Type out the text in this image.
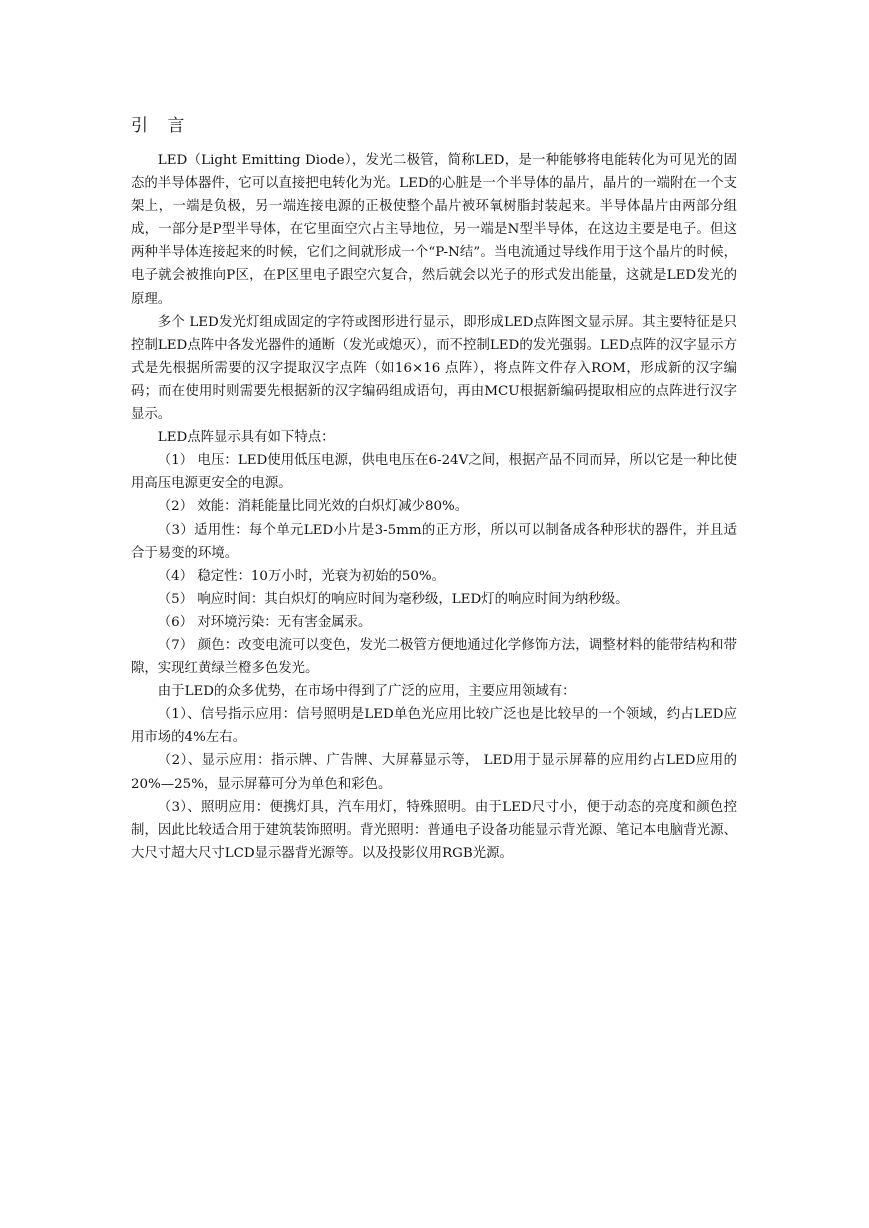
引 言

LED（Light Emitting Diode），发光二极管，简称LED，是一种能够将电能转化为可见光的固态的半导体器件，它可以直接把电转化为光。LED的心脏是一个半导体的晶片，晶片的一端附在一个支架上，一端是负极，另一端连接电源的正极使整个晶片被环氧树脂封装起来。半导体晶片由两部分组成，一部分是P型半导体，在它里面空穴占主导地位，另一端是N型半导体，在这边主要是电子。但这两种半导体连接起来的时候，它们之间就形成一个“P-N结”。当电流通过导线作用于这个晶片的时候，电子就会被推向P区，在P区里电子跟空穴复合，然后就会以光子的形式发出能量，这就是LED发光的原理。

多个 LED发光灯组成固定的字符或图形进行显示，即形成LED点阵图文显示屏。其主要特征是只控制LED点阵中各发光器件的通断（发光或熄灭），而不控制LED的发光强弱。LED点阵的汉字显示方式是先根据所需要的汉字提取汉字点阵（如16×16 点阵），将点阵文件存入ROM，形成新的汉字编码；而在使用时则需要先根据新的汉字编码组成语句，再由MCU根据新编码提取相应的点阵进行汉字显示。

LED点阵显示具有如下特点：

（1） 电压：LED使用低压电源，供电电压在6-24V之间，根据产品不同而异，所以它是一种比使用高压电源更安全的电源。

（2） 效能：消耗能量比同光效的白炽灯减少80%。

（3）适用性：每个单元LED小片是3-5mm的正方形，所以可以制备成各种形状的器件，并且适合于易变的环境。

（4） 稳定性：10万小时，光衰为初始的50%。

（5） 响应时间：其白炽灯的响应时间为毫秒级，LED灯的响应时间为纳秒级。

（6） 对环境污染：无有害金属汞。

（7） 颜色：改变电流可以变色，发光二极管方便地通过化学修饰方法，调整材料的能带结构和带隙，实现红黄绿兰橙多色发光。

由于LED的众多优势，在市场中得到了广泛的应用，主要应用领域有：

（1）、信号指示应用：信号照明是LED单色光应用比较广泛也是比较早的一个领域，约占LED应用市场的4%左右。

（2）、显示应用：指示牌、广告牌、大屏幕显示等， LED用于显示屏幕的应用约占LED应用的20%—25%，显示屏幕可分为单色和彩色。

（3）、照明应用：便携灯具，汽车用灯，特殊照明。由于LED尺寸小，便于动态的亮度和颜色控制，因此比较适合用于建筑装饰照明。背光照明：普通电子设备功能显示背光源、笔记本电脑背光源、大尺寸超大尺寸LCD显示器背光源等。以及投影仪用RGB光源。
